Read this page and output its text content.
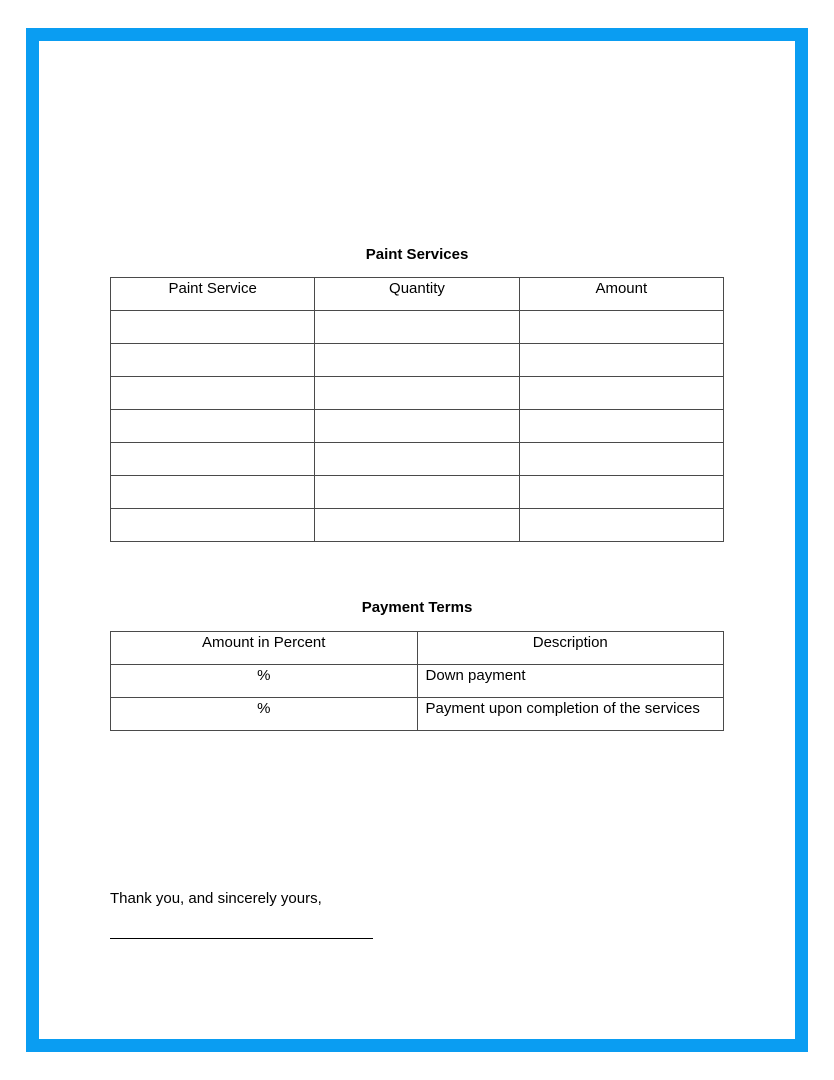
Paint Services
Paint Service	Quantity	Amount

Payment Terms
Amount in Percent	Description
%	Down payment
%	Payment upon completion of the services
Thank you, and sincerely yours,
